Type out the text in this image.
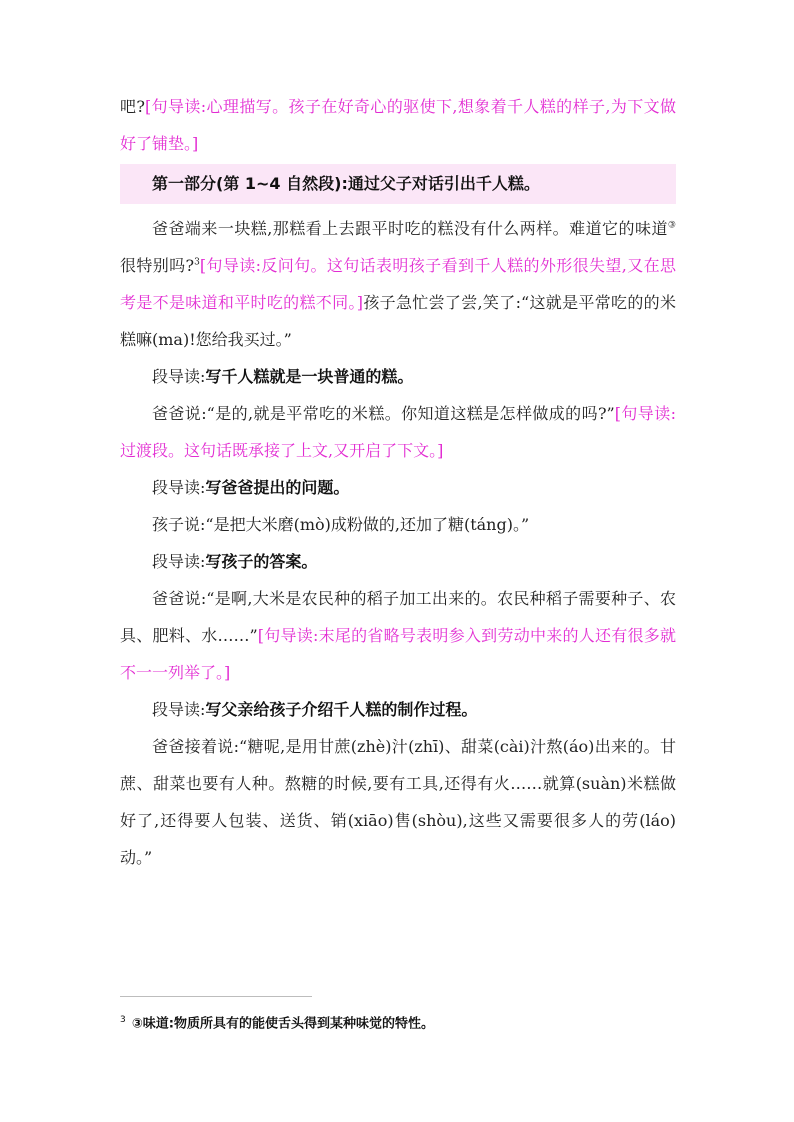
吧?[句导读:心理描写。孩子在好奇心的驱使下,想象着千人糕的样子,为下文做好了铺垫。]

第一部分(第 1~4 自然段):通过父子对话引出千人糕。

爸爸端来一块糕,那糕看上去跟平时吃的糕没有什么两样。难道它的味道③很特别吗?$^3$[句导读:反问句。这句话表明孩子看到千人糕的外形很失望,又在思考是不是味道和平时吃的糕不同。]孩子急忙尝了尝,笑了:“这就是平常吃的的米糕嘛(ma)!您给我买过。”

段导读:写千人糕就是一块普通的糕。

爸爸说:“是的,就是平常吃的米糕。你知道这糕是怎样做成的吗?”[句导读:过渡段。这句话既承接了上文,又开启了下文。]

段导读:写爸爸提出的问题。

孩子说:“是把大米磨(mò)成粉做的,还加了糖(táng)。”

段导读:写孩子的答案。

爸爸说:“是啊,大米是农民种的稻子加工出来的。农民种稻子需要种子、农具、肥料、水……”[句导读:末尾的省略号表明参入到劳动中来的人还有很多就不一一列举了。]

段导读:写父亲给孩子介绍千人糕的制作过程。

爸爸接着说:“糖呢,是用甘蔗(zhè)汁(zhī)、甜菜(cài)汁熬(áo)出来的。甘蔗、甜菜也要有人种。熬糖的时候,要有工具,还得有火……就算(suàn)米糕做好了,还得要人包装、送货、销(xiāo)售(shòu),这些又需要很多人的劳(láo)动。”

$^3$ ③味道:物质所具有的能使舌头得到某种味觉的特性。
